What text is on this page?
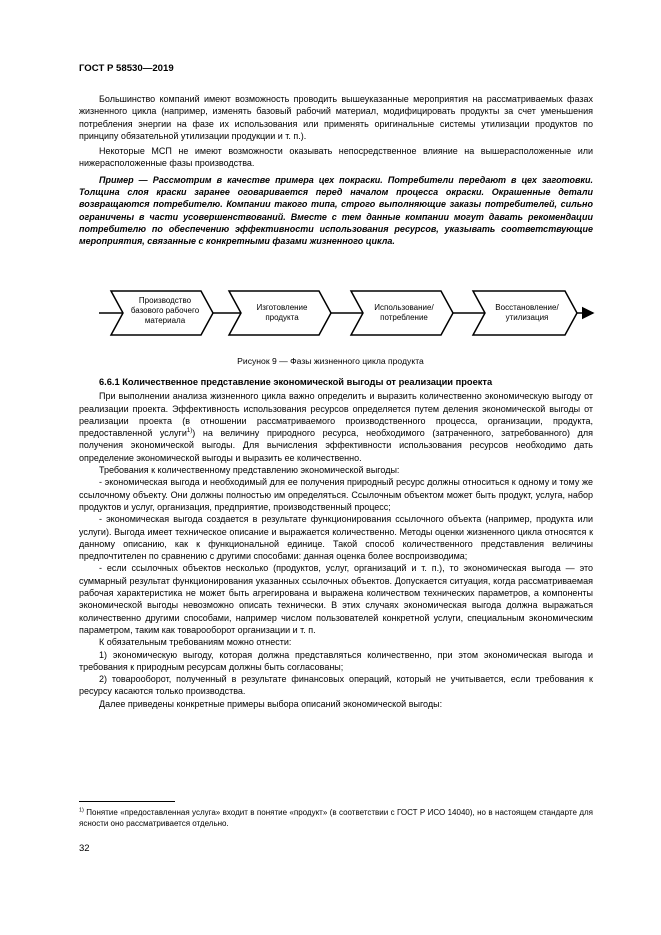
ГОСТ Р 58530—2019

Большинство компаний имеют возможность проводить вышеуказанные мероприятия на рассматриваемых фазах жизненного цикла (например, изменять базовый рабочий материал, модифицировать продукты за счет уменьшения потребления энергии на фазе их использования или применять оригинальные системы утилизации продуктов по принципу обязательной утилизации продукции и т. п.).

Некоторые МСП не имеют возможности оказывать непосредственное влияние на вышерасположенные или нижерасположенные фазы производства.

Пример — Рассмотрим в качестве примера цех покраски. Потребители передают в цех заготовки. Толщина слоя краски заранее оговаривается перед началом процесса окраски. Окрашенные детали возвращаются потребителю. Компании такого типа, строго выполняющие заказы потребителей, сильно ограничены в части усовершенствований. Вместе с тем данные компании могут давать рекомендации потребителю по обеспечению эффективности использования ресурсов, указывать соответствующие мероприятия, связанные с конкретными фазами жизненного цикла.

Производство
базового рабочего
материала
Изготовление
продукта
Использование/
потребление
Восстановление/
утилизация
Рисунок 9 — Фазы жизненного цикла продукта
6.6.1 Количественное представление экономической выгоды от реализации проекта

При выполнении анализа жизненного цикла важно определить и выразить количественно экономическую выгоду от реализации проекта. Эффективность использования ресурсов определяется путем деления экономической выгоды от реализации проекта (в отношении рассматриваемого производственного процесса, организации, продукта, предоставленной услуги$^{1)}$) на величину природного ресурса, необходимого (затраченного, затребованного) для получения экономической выгоды. Для вычисления эффективности использования ресурсов необходимо дать определение экономической выгоды и выразить ее количественно.

Требования к количественному представлению экономической выгоды:

- экономическая выгода и необходимый для ее получения природный ресурс должны относиться к одному и тому же ссылочному объекту. Они должны полностью им определяться. Ссылочным объектом может быть продукт, услуга, набор продуктов и услуг, организация, предприятие, производственный процесс;

- экономическая выгода создается в результате функционирования ссылочного объекта (например, продукта или услуги). Выгода имеет техническое описание и выражается количественно. Методы оценки жизненного цикла относятся к данному описанию, как к функциональной единице. Такой способ количественного представления величины предпочтителен по сравнению с другими способами: данная оценка более воспроизводима;

- если ссылочных объектов несколько (продуктов, услуг, организаций и т. п.), то экономическая выгода — это суммарный результат функционирования указанных ссылочных объектов. Допускается ситуация, когда рассматриваемая рабочая характеристика не может быть агрегирована и выражена количеством технических параметров, а компоненты экономической выгоды невозможно описать технически. В этих случаях экономическая выгода должна выражаться количественно другими способами, например числом пользователей конкретной услуги, специальным экономическим параметром, таким как товарооборот организации и т. п.

К обязательным требованиям можно отнести:

1) экономическую выгоду, которая должна представляться количественно, при этом экономическая выгода и требования к природным ресурсам должны быть согласованы;

2) товарооборот, полученный в результате финансовых операций, который не учитывается, если требования к ресурсу касаются только производства.

Далее приведены конкретные примеры выбора описаний экономической выгоды:

$^{1)}$ Понятие «предоставленная услуга» входит в понятие «продукт» (в соответствии с ГОСТ Р ИСО 14040), но в настоящем стандарте для ясности оно рассматривается отдельно.
32
